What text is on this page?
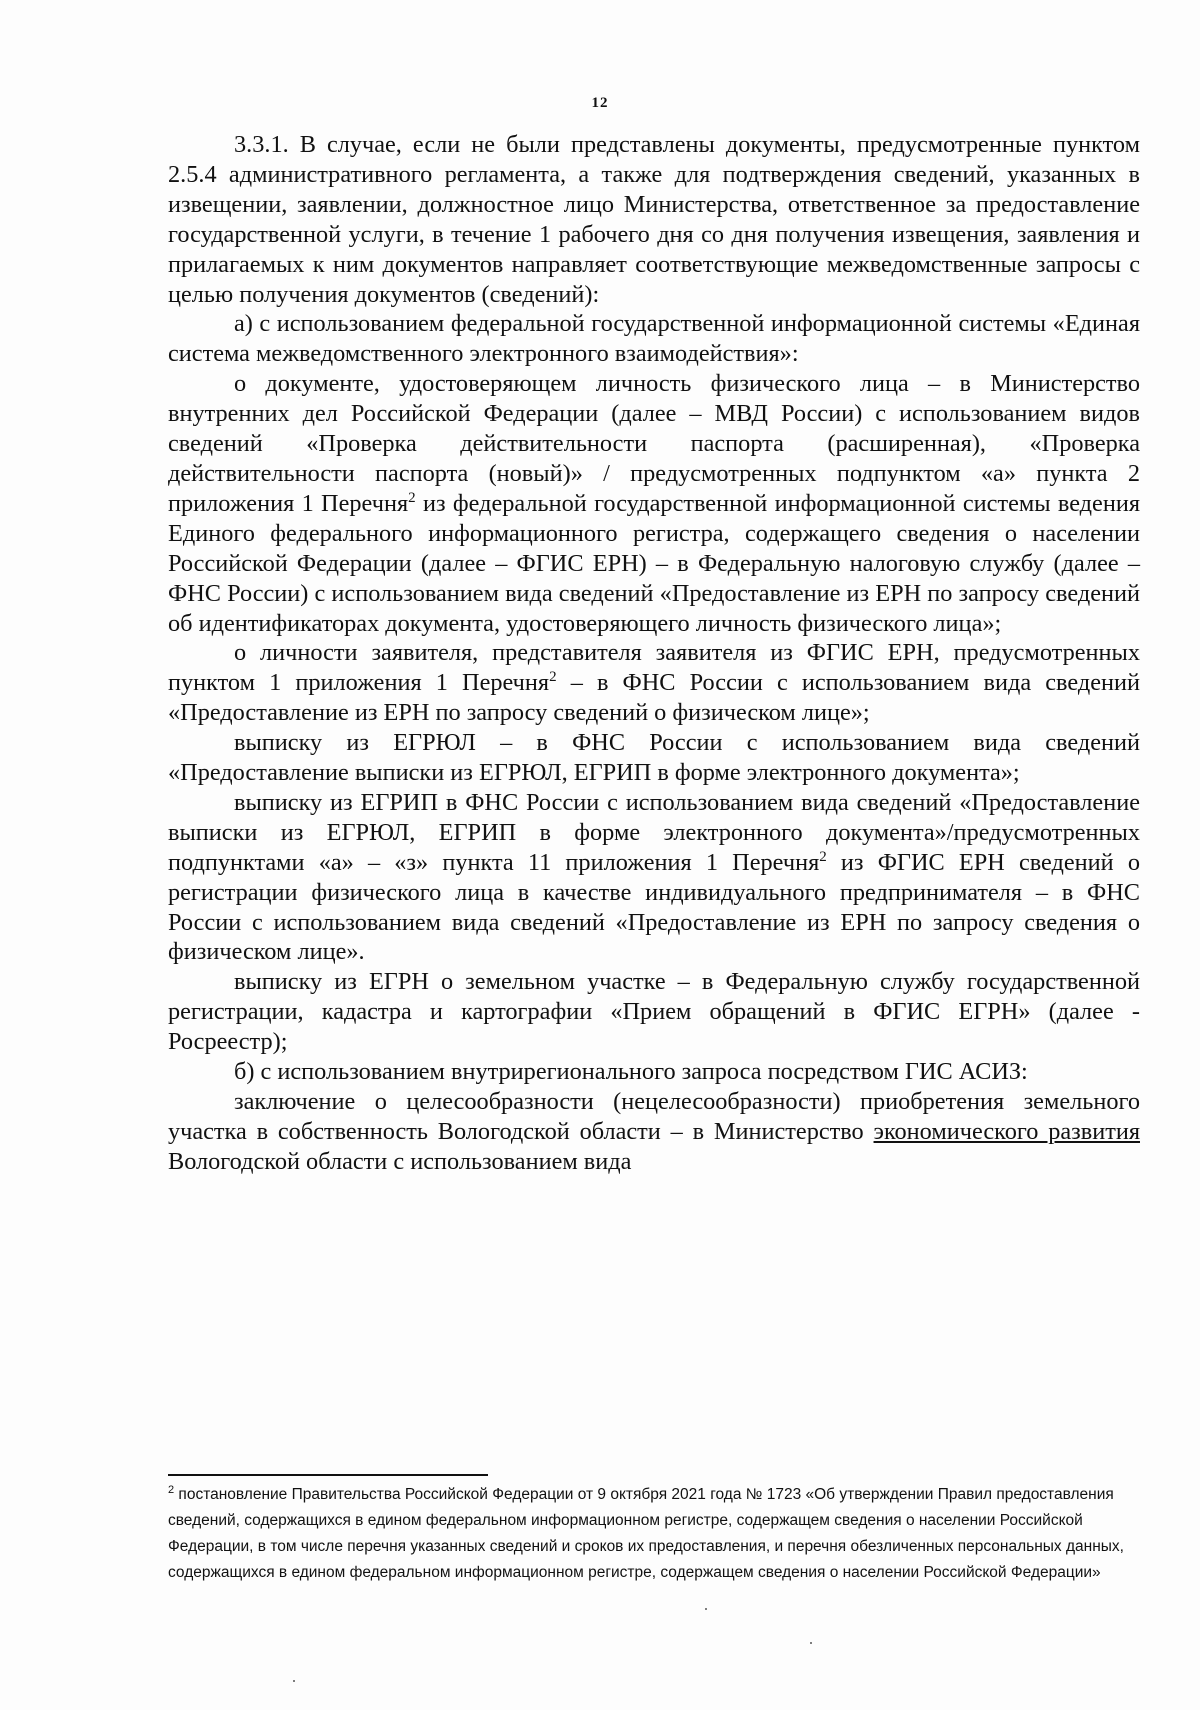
12

3.3.1. В случае, если не были представлены документы, предусмотренные пунктом 2.5.4 административного регламента, а также для подтверждения сведений, указанных в извещении, заявлении, должностное лицо Министерства, ответственное за предоставление государственной услуги, в течение 1 рабочего дня со дня получения извещения, заявления и прилагаемых к ним документов направляет соответствующие межведомственные запросы с целью получения документов (сведений):

а) с использованием федеральной государственной информационной системы «Единая система межведомственного электронного взаимодействия»:

о документе, удостоверяющем личность физического лица – в Министерство внутренних дел Российской Федерации (далее – МВД России) с использованием видов сведений «Проверка действительности паспорта (расширенная), «Проверка действительности паспорта (новый)» / предусмотренных подпунктом «а» пункта 2 приложения 1 Перечня$^2$ из федеральной государственной информационной системы ведения Единого федерального информационного регистра, содержащего сведения о населении Российской Федерации (далее – ФГИС ЕРН) – в Федеральную налоговую службу (далее – ФНС России) с использованием вида сведений «Предоставление из ЕРН по запросу сведений об идентификаторах документа, удостоверяющего личность физического лица»;

о личности заявителя, представителя заявителя из ФГИС ЕРН, предусмотренных пунктом 1 приложения 1 Перечня$^2$ – в ФНС России с использованием вида сведений «Предоставление из ЕРН по запросу сведений о физическом лице»;

выписку из ЕГРЮЛ – в ФНС России с использованием вида сведений «Предоставление выписки из ЕГРЮЛ, ЕГРИП в форме электронного документа»;

выписку из ЕГРИП в ФНС России с использованием вида сведений «Предоставление выписки из ЕГРЮЛ, ЕГРИП в форме электронного документа»/предусмотренных подпунктами «а» – «з» пункта 11 приложения 1 Перечня$^2$ из ФГИС ЕРН сведений о регистрации физического лица в качестве индивидуального предпринимателя – в ФНС России с использованием вида сведений «Предоставление из ЕРН по запросу сведения о физическом лице».

выписку из ЕГРН о земельном участке – в Федеральную службу государственной регистрации, кадастра и картографии «Прием обращений в ФГИС ЕГРН» (далее - Росреестр);

б) с использованием внутрирегионального запроса посредством ГИС АСИЗ:

заключение о целесообразности (нецелесообразности) приобретения земельного участка в собственность Вологодской области – в Министерство экономического развития Вологодской области с использованием вида

$^2$ постановление Правительства Российской Федерации от 9 октября 2021 года № 1723 «Об утверждении Правил предоставления сведений, содержащихся в едином федеральном информационном регистре, содержащем сведения о населении Российской Федерации, в том числе перечня указанных сведений и сроков их предоставления, и перечня обезличенных персональных данных, содержащихся в едином федеральном информационном регистре, содержащем сведения о населении Российской Федерации»
